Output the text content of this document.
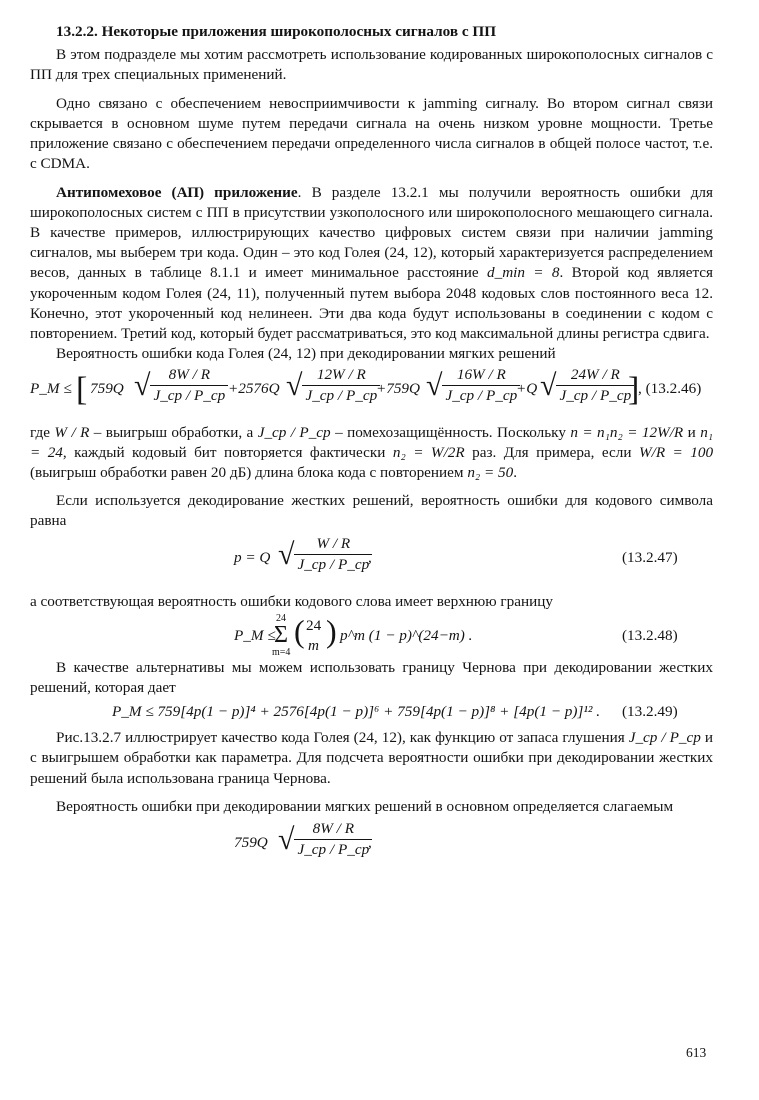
13.2.2. Некоторые приложения широкополосных сигналов с ПП

В этом подразделе мы хотим рассмотреть использование кодированных широкополосных сигналов с ПП для трех специальных применений.

Одно связано с обеспечением невосприимчивости к jamming сигналу. Во втором сигнал связи скрывается в основном шуме путем передачи сигнала на очень низком уровне мощности. Третье приложение связано с обеспечением передачи определенного числа сигналов в общей полосе частот, т.е. с CDMA.

Антипомеховое (АП) приложение. В разделе 13.2.1 мы получили вероятность ошибки для широкополосных систем с ПП в присутствии узкополосного или широкополосного мешающего сигнала. В качестве примеров, иллюстрирующих качество цифровых систем связи при наличии jamming сигналов, мы выберем три кода. Один – это код Голея (24, 12), который характеризуется распределением весов, данных в таблице 8.1.1 и имеет минимальное расстояние d_min = 8. Второй код является укороченным кодом Голея (24, 11), полученный путем выбора 2048 кодовых слов постоянного веса 12. Конечно, этот укороченный код нелинеен. Эти два кода будут использованы в соединении с кодом с повторением. Третий код, который будет рассматриваться, это код максимальной длины регистра сдвига.

Вероятность ошибки кода Голея (24, 12) при декодировании мягких решений

P_M ≤ [ 759Q √ $\frac{8W / R}{J\_ср / P\_ср} +2576Q$ √ $\frac{12W / R}{J\_ср / P\_ср}$
+759Q √ $\frac{16W / R}{J\_ср / P\_ср}$
+Q √ $\frac{24W / R}{J\_ср / P\_ср}$
]
, (13.2.46)

где W / R – выигрыш обработки, а J_ср / P_ср – помехозащищённость. Поскольку n = n₁n₂ = 12W/R и n₁ = 24, каждый кодовый бит повторяется фактически n₂ = W/2R раз. Для примера, если W/R = 100 (выигрыш обработки равен 20 дБ) длина блока кода с повторением n₂ = 50.

Если используется декодирование жестких решений, вероятность ошибки для кодового символа равна

p = Q √ $\frac{W / R}{J\_ср / P\_ср}$
,	(13.2.47)

а соответствующая вероятность ошибки кодового слова имеет верхнюю границу

P_M ≤
24
Σ
m=4
( 24
m ) p^m (1 − p)^(24−m) .	(13.2.48)

В качестве альтернативы мы можем использовать границу Чернова при декодировании жестких решений, которая дает

P_M ≤ 759[4p(1 − p)]⁴ + 2576[4p(1 − p)]⁶ + 759[4p(1 − p)]⁸ + [4p(1 − p)]¹² . (13.2.49)

Рис.13.2.7 иллюстрирует качество кода Голея (24, 12), как функцию от запаса глушения J_ср / P_ср и с выигрышем обработки как параметра. Для подсчета вероятности ошибки при декодировании жестких решений была использована граница Чернова.

Вероятность ошибки при декодировании мягких решений в основном определяется слагаемым

759Q √ $\frac{8W / R}{J\_ср / P\_ср}$
,
613
